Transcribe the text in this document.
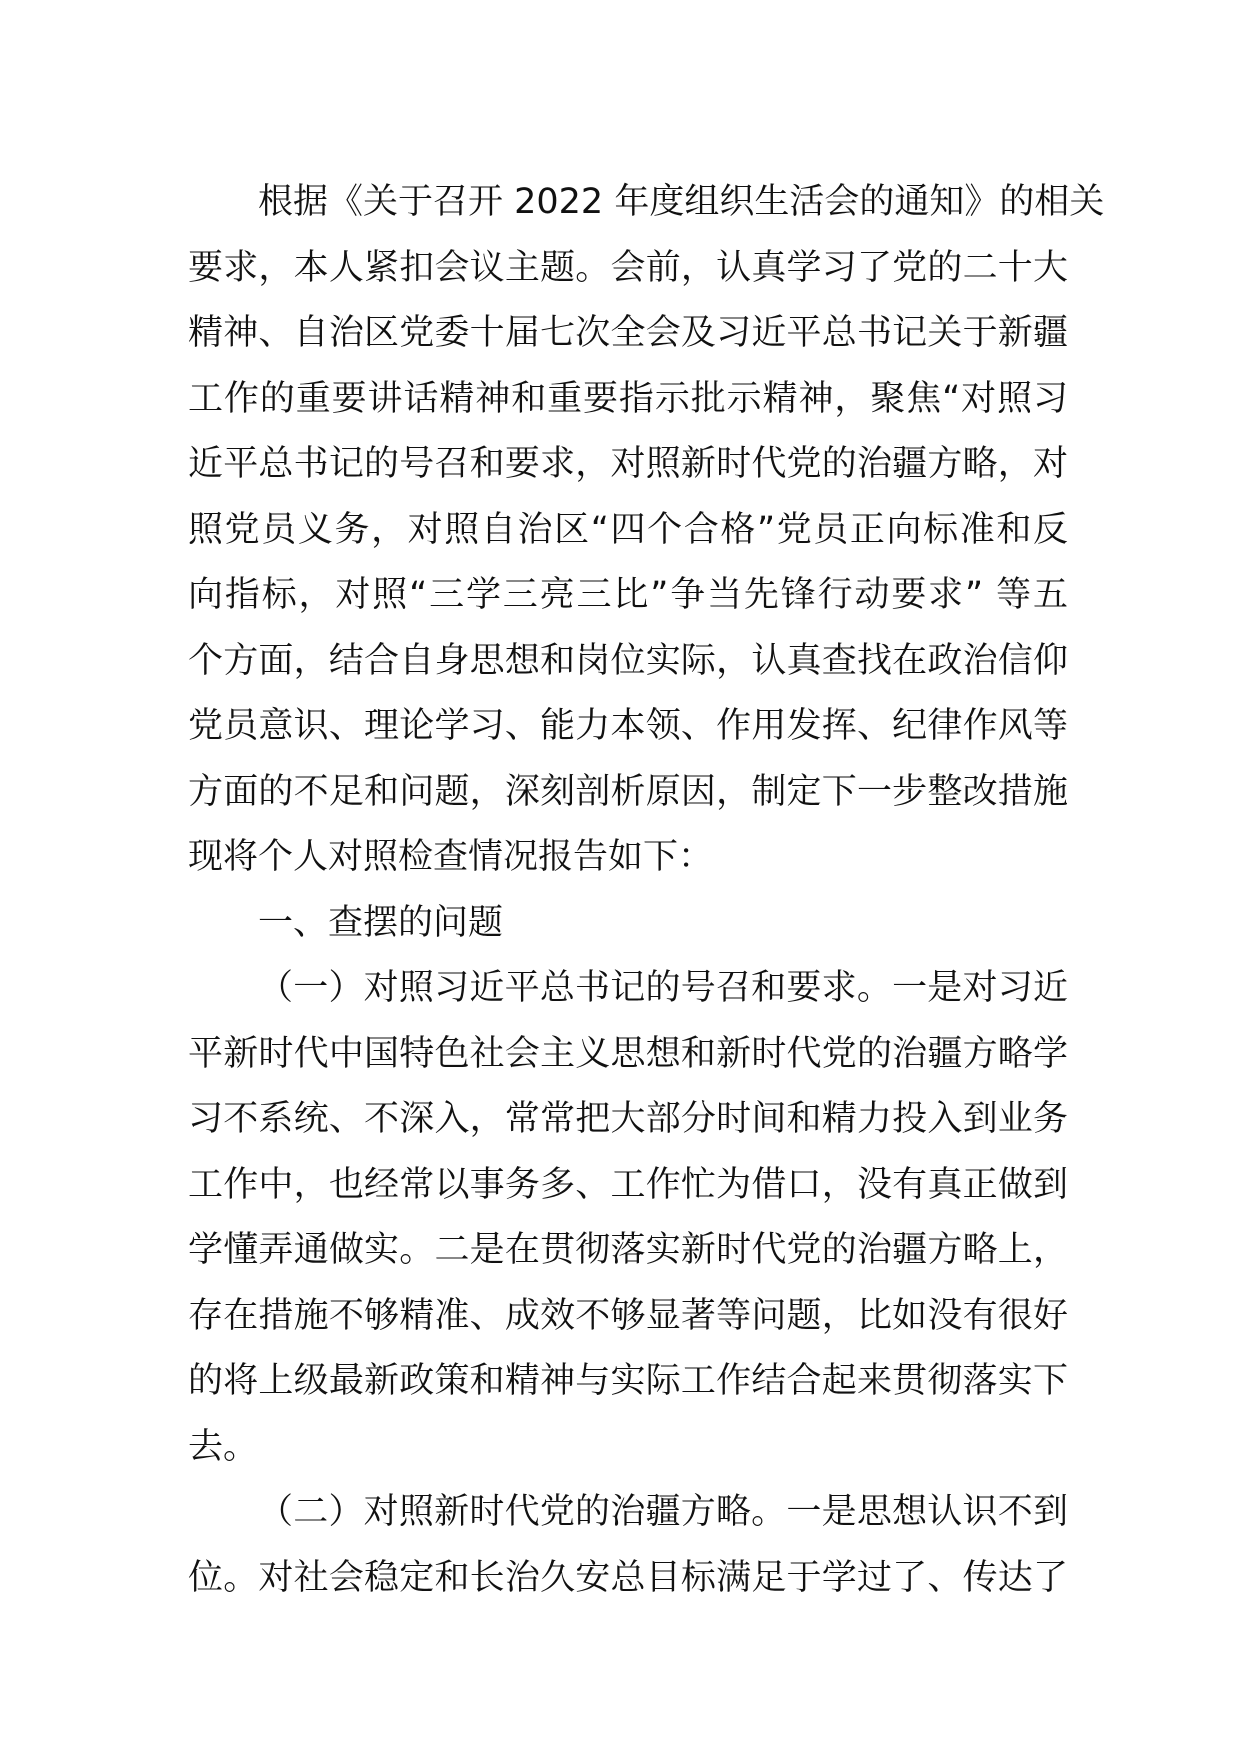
根据《关于召开 2022 年度组织生活会的通知》的相关
要求，本人紧扣会议主题。会前，认真学习了党的二十大
精神、自治区党委十届七次全会及习近平总书记关于新疆
工作的重要讲话精神和重要指示批示精神，聚焦“对照习
近平总书记的号召和要求，对照新时代党的治疆方略，对
照党员义务，对照自治区“四个合格”党员正向标准和反
向指标，对照“三学三亮三比”争当先锋行动要求” 等五
个方面，结合自身思想和岗位实际，认真查找在政治信仰
党员意识、理论学习、能力本领、作用发挥、纪律作风等
方面的不足和问题，深刻剖析原因，制定下一步整改措施
现将个人对照检查情况报告如下：
一、查摆的问题
（一）对照习近平总书记的号召和要求。一是对习近
平新时代中国特色社会主义思想和新时代党的治疆方略学
习不系统、不深入，常常把大部分时间和精力投入到业务
工作中，也经常以事务多、工作忙为借口，没有真正做到
学懂弄通做实。二是在贯彻落实新时代党的治疆方略上，
存在措施不够精准、成效不够显著等问题，比如没有很好
的将上级最新政策和精神与实际工作结合起来贯彻落实下
去。
（二）对照新时代党的治疆方略。一是思想认识不到
位。对社会稳定和长治久安总目标满足于学过了、传达了
